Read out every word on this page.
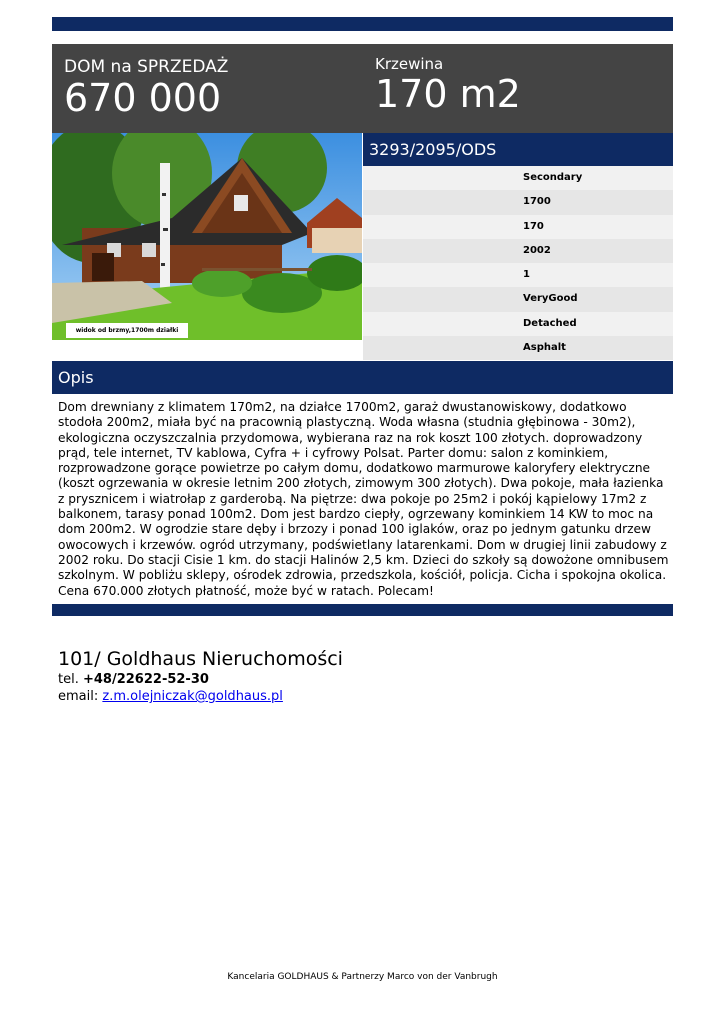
DOM na SPRZEDAŻ
670 000
Krzewina
170 m2
widok od brzmy,1700m działki
3293/2095/ODS
Secondary
1700
170
2002
1
VeryGood
Detached
Asphalt
Opis
Dom drewniany z klimatem 170m2, na działce 1700m2, garaż dwustanowiskowy, dodatkowo stodoła 200m2, miała być na pracownią plastyczną. Woda własna (studnia głębinowa - 30m2), ekologiczna oczyszczalnia przydomowa, wybierana raz na rok koszt 100 złotych. doprowadzony prąd, tele internet, TV kablowa, Cyfra + i cyfrowy Polsat. Parter domu: salon z kominkiem, rozprowadzone gorące powietrze po całym domu, dodatkowo marmurowe kaloryfery elektryczne (koszt ogrzewania w okresie letnim 200 złotych, zimowym 300 złotych). Dwa pokoje, mała łazienka z prysznicem i wiatrołap z garderobą. Na piętrze: dwa pokoje po 25m2 i pokój kąpielowy 17m2 z balkonem, tarasy ponad 100m2. Dom jest bardzo ciepły, ogrzewany kominkiem 14 KW to moc na dom 200m2. W ogrodzie stare dęby i brzozy i ponad 100 iglaków, oraz po jednym gatunku drzew owocowych i krzewów. ogród utrzymany, podświetlany latarenkami. Dom w drugiej linii zabudowy z 2002 roku. Do stacji Cisie 1 km. do stacji Halinów 2,5 km. Dzieci do szkoły są dowożone omnibusem szkolnym. W pobliżu sklepy, ośrodek zdrowia, przedszkola, kościół, policja. Cicha i spokojna okolica. Cena 670.000 złotych płatność, może być w ratach. Polecam!
101/ Goldhaus Nieruchomości
tel. +48/22622-52-30
email: z.m.olejniczak@goldhaus.pl
Kancelaria GOLDHAUS & Partnerzy Marco von der Vanbrugh
